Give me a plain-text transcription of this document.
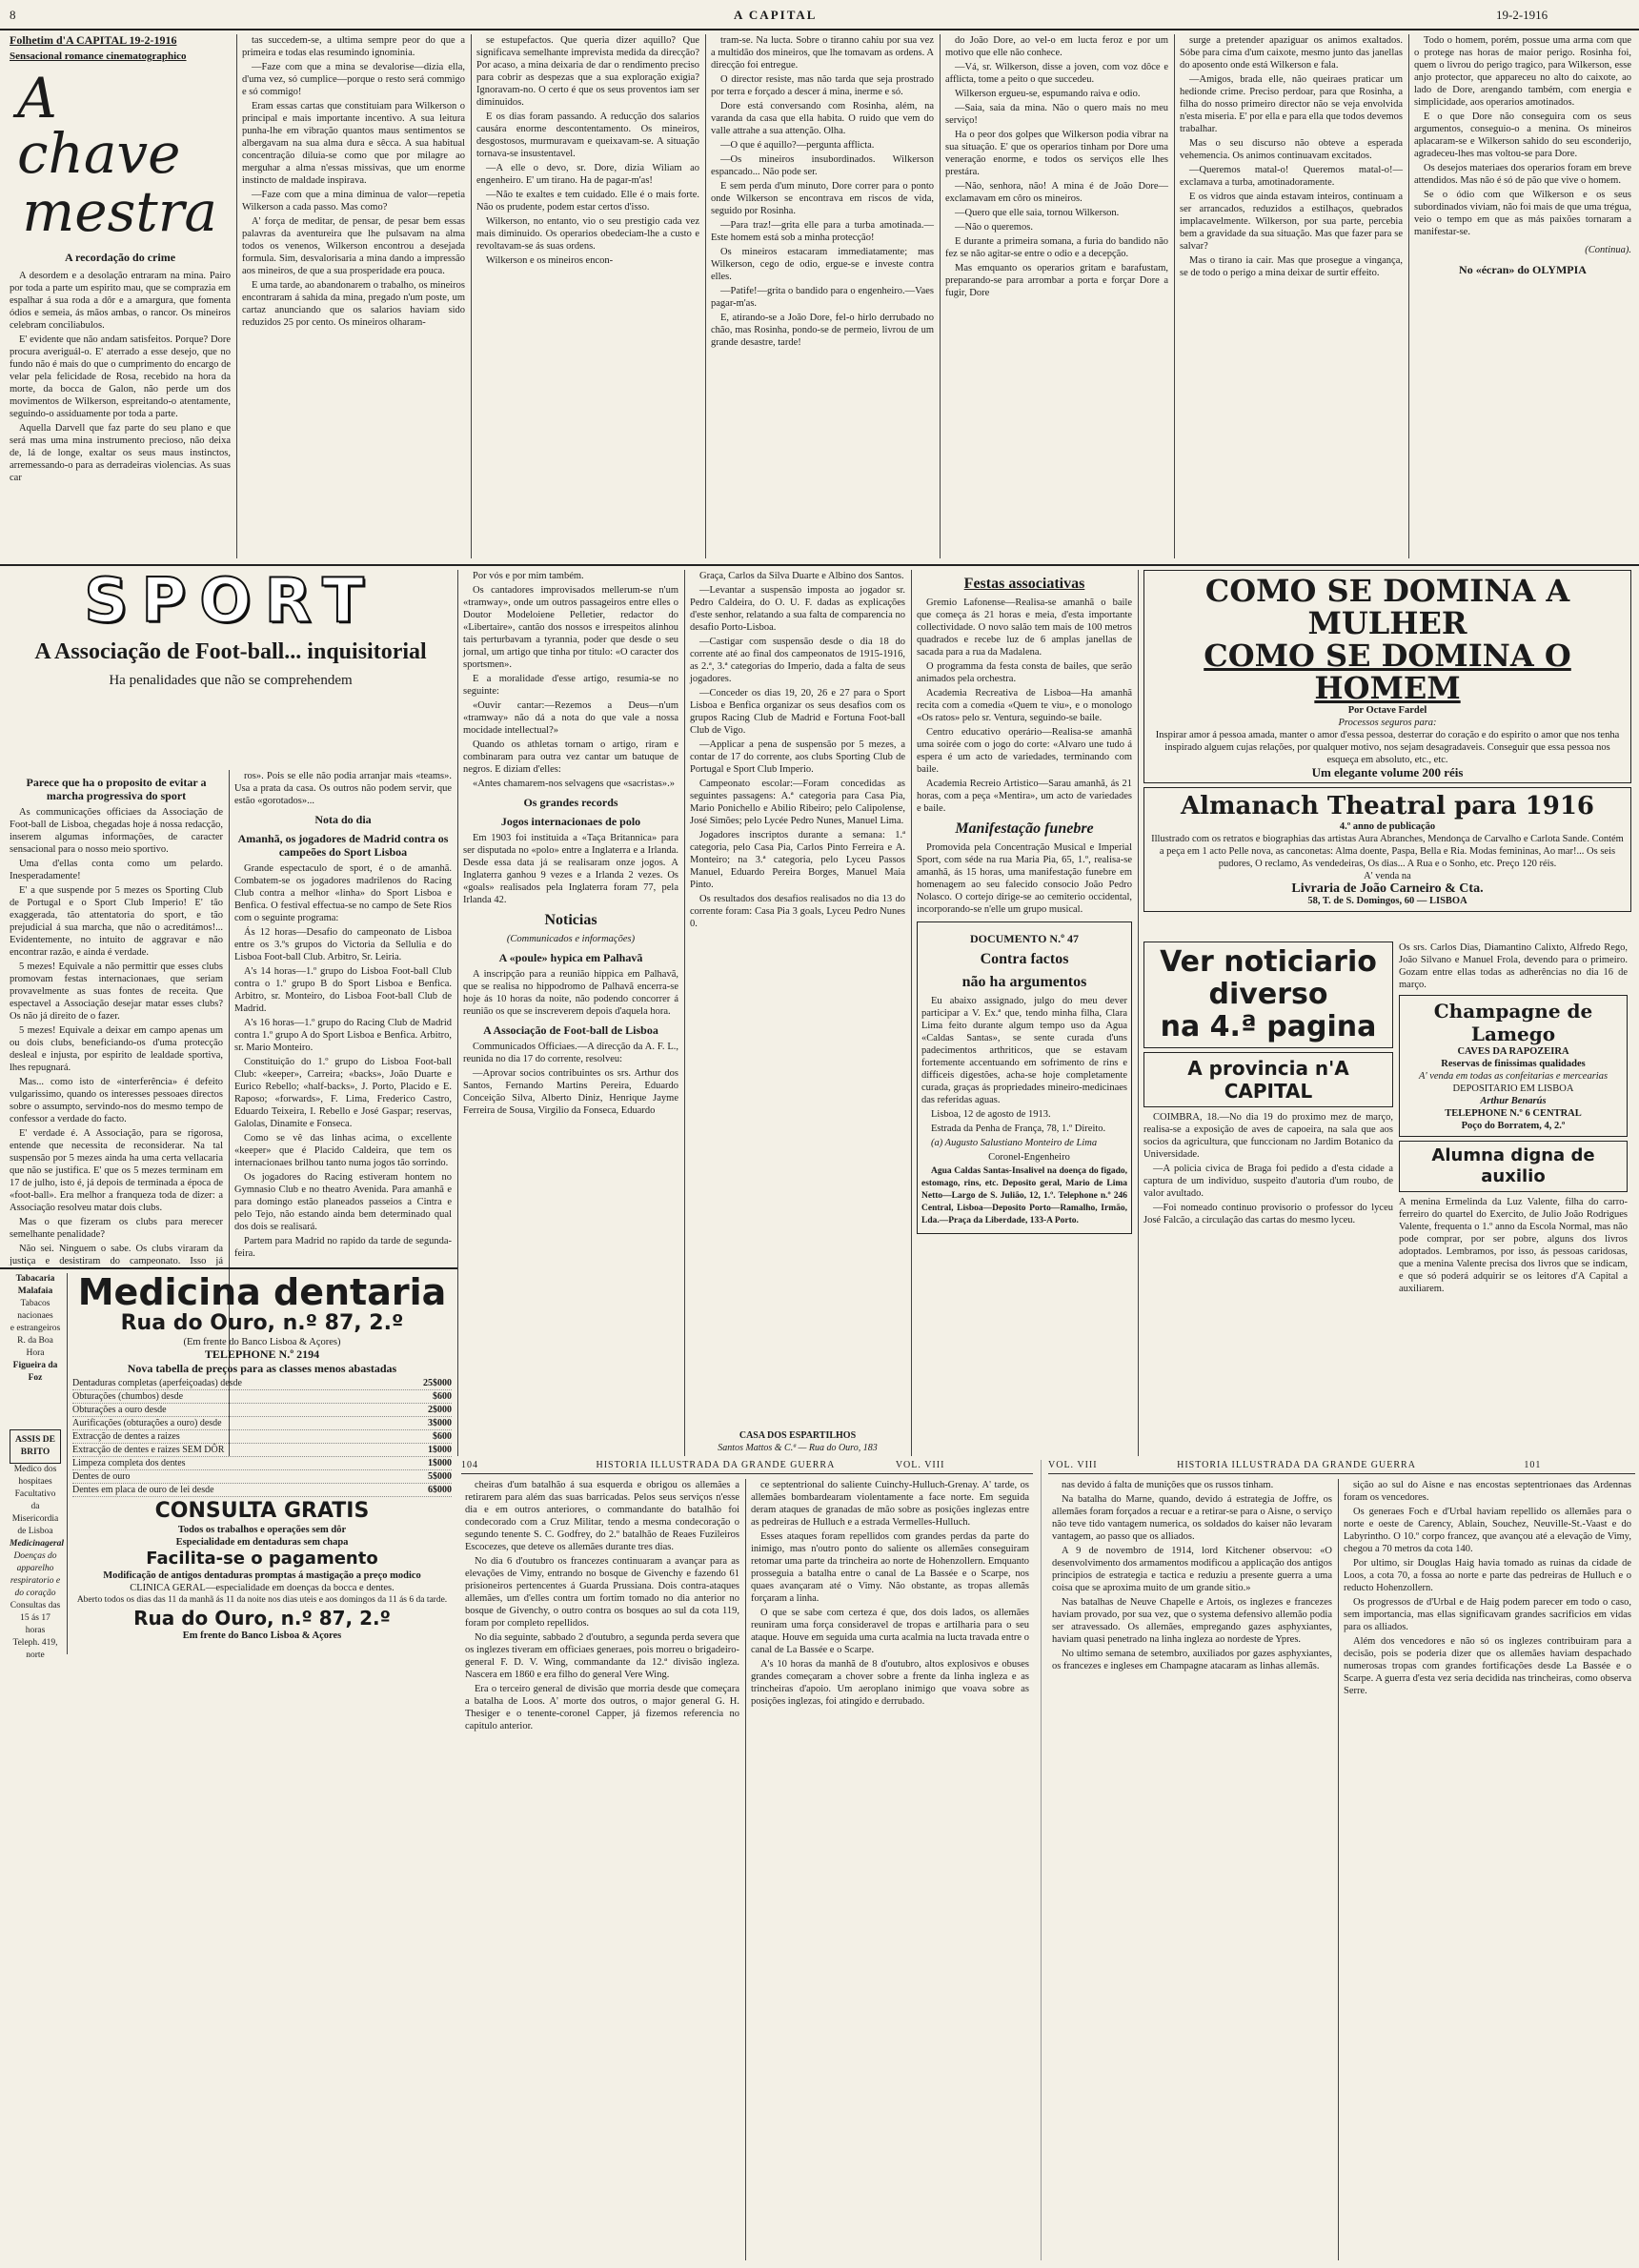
8	A CAPITAL	19-2-1916
Folhetim d'A CAPITAL 19-2-1916
Sensacional romance cinematographico
A chave
mestra
A recordação do crime

A desordem e a desolação entraram na mina. Pairo por toda a parte um espirito mau, que se comprazia em espalhar á sua roda a dôr e a amargura, que fomenta ódios e semeia, ás mãos ambas, o rancor. Os mineiros celebram conciliabulos.

E' evidente que não andam satisfeitos. Porque? Dore procura averiguál-o. E' aterrado a esse desejo, que no fundo não é mais do que o cumprimento do encargo de velar pela felicidade de Rosa, recebido na hora da morte, da bocca de Galon, não perde um dos movimentos de Wilkerson, espreitando-o atentamente, seguindo-o assiduamente por toda a parte.

Aquella Darvell que faz parte do seu plano e que será mas uma mina instrumento precioso, não deixa de, lá de longe, exaltar os seus maus instinctos, arremessando-o para as derradeiras violencias. As suas car

tas succedem-se, a ultima sempre peor do que a primeira e todas elas resumindo ignominia.

—Faze com que a mina se devalorise—dizia ella, d'uma vez, só cumplice—porque o resto será commigo e só commigo!

Eram essas cartas que constituiam para Wilkerson o principal e mais importante incentivo. A sua leitura punha-lhe em vibração quantos maus sentimentos se albergavam na sua alma dura e sêcca. A sua habitual concentração diluia-se como que por milagre ao merguhar a alma n'essas missivas, que um enorme instincto de maldade inspirava.

—Faze com que a mina diminua de valor—repetia Wilkerson a cada passo. Mas como?

A' força de meditar, de pensar, de pesar bem essas palavras da aventureira que lhe pulsavam na alma todos os venenos, Wilkerson encontrou a desejada formula. Sim, desvalorisaria a mina dando a impressão aos mineiros, de que a sua prosperidade era pouca.

E uma tarde, ao abandonarem o trabalho, os mineiros encontraram á sahida da mina, pregado n'um poste, um cartaz anunciando que os salarios haviam sido reduzidos 25 por cento. Os mineiros olharam-

se estupefactos. Que queria dizer aquillo? Que significava semelhante imprevista medida da direcção? Por acaso, a mina deixaria de dar o rendimento preciso para cobrir as despezas que a sua exploração exigia? Ignoravam-no. O certo é que os seus proventos iam ser diminuidos.

E os dias foram passando. A reducção dos salarios causára enorme descontentamento. Os mineiros, desgostosos, murmuravam e queixavam-se. A situação tornava-se insustentavel.

—A elle o devo, sr. Dore, dizia Wiliam ao engenheiro. E' um tirano. Ha de pagar-m'as!

—Não te exaltes e tem cuidado. Elle é o mais forte. Não os prudente, podem estar certos d'isso.

Wilkerson, no entanto, vio o seu prestigio cada vez mais diminuido. Os operarios obedeciam-lhe a custo e revoltavam-se ás suas ordens.

Wilkerson e os mineiros encon-

tram-se. Na lucta. Sobre o tiranno cahiu por sua vez a multidão dos mineiros, que lhe tomavam as ordens. A direcção foi entregue.

O director resiste, mas não tarda que seja prostrado por terra e forçado a descer á mina, inerme e só.

Dore está conversando com Rosinha, além, na varanda da casa que ella habita. O ruido que vem do valle attrahe a sua attenção. Olha.

—O que é aquillo?—pergunta afflicta.

—Os mineiros insubordinados. Wilkerson espancado... Não pode ser.

E sem perda d'um minuto, Dore correr para o ponto onde Wilkerson se encontrava em riscos de vida, seguido por Rosinha.

—Para traz!—grita elle para a turba amotinada.—Este homem está sob a minha protecção!

Os mineiros estacaram immediatamente; mas Wilkerson, cego de odio, ergue-se e investe contra elles.

—Patife!—grita o bandido para o engenheiro.—Vaes pagar-m'as.

E, atirando-se a João Dore, fel-o hirlo derrubado no chão, mas Rosinha, pondo-se de permeio, livrou de um grande desastre, tarde!

do João Dore, ao vel-o em lucta feroz e por um motivo que elle não conhece.

—Vá, sr. Wilkerson, disse a joven, com voz dôce e afflicta, tome a peito o que succedeu.

Wilkerson ergueu-se, espumando raiva e odio.

—Saia, saia da mina. Não o quero mais no meu serviço!

Ha o peor dos golpes que Wilkerson podia vibrar na sua situação. E' que os operarios tinham por Dore uma veneração enorme, e todos os serviços elle lhes prestára.

—Não, senhora, não! A mina é de João Dore—exclamavam em côro os mineiros.

—Quero que elle saia, tornou Wilkerson.

—Não o queremos.

E durante a primeira somana, a furia do bandido não fez se não agitar-se entre o odio e a decepção.

Mas emquanto os operarios gritam e barafustam, preparando-se para arrombar a porta e forçar Dore a fugir, Dore

surge a pretender apaziguar os animos exaltados. Sóbe para cima d'um caixote, mesmo junto das janellas do aposento onde está Wilkerson e fala.

—Amigos, brada elle, não queiraes praticar um hedionde crime. Preciso perdoar, para que Rosinha, a filha do nosso primeiro director não se veja envolvida n'esta miseria. E' por ella e para ella que todos devemos trabalhar.

Mas o seu discurso não obteve a esperada vehemencia. Os animos continuavam excitados.

—Queremos matal-o! Queremos matal-o!—exclamava a turba, amotinadoramente.

E os vidros que ainda estavam inteiros, continuam a ser arrancados, reduzidos a estilhaços, quebrados implacavelmente. Wilkerson, por sua parte, percebia bem a gravidade da sua situação. Mas que fazer para se salvar?

Mas o tirano ia cair. Mas que prosegue a vingança, se de todo o perigo a mina deixar de surtir effeito.

Todo o homem, porém, possue uma arma com que o protege nas horas de maior perigo. Rosinha foi, quem o livrou do perigo tragico, para Wilkerson, esse anjo protector, que appareceu no alto do caixote, ao lado de Dore, arengando também, com energia e simplicidade, aos operarios amotinados.

E o que Dore não conseguira com os seus argumentos, conseguio-o a menina. Os mineiros aplacaram-se e Wilkerson sahido do seu esconderijo, agradeceu-lhes mas voltou-se para Dore.

Os desejos materiaes dos operarios foram em breve attendidos. Mas não é só de pão que vive o homem.

Se o ódio com que Wilkerson e os seus subordinados viviam, não foi mais de que uma trégua, veio o tempo em que as más paixões tornaram a manifestar-se.

(Continua).
No «écran» do OLYMPIA
SPORT
A Associação de Foot-ball... inquisitorial
Ha penalidades que não se comprehendem
Parece que ha o proposito de evitar a marcha progressiva do sport

As communicações officiaes da Associação de Foot-ball de Lisboa, chegadas hoje á nossa redacção, inserem algumas informações, de caracter sensacional para o nosso meio sportivo.

Uma d'ellas conta como um pelardo. Inesperadamente!

E' a que suspende por 5 mezes os Sporting Club de Portugal e o Sport Club Imperio! E' tão exaggerada, tão attentatoria do sport, e tão prejudicial á sua marcha, que não o acreditámos!... Evidentemente, no intuito de aggravar e não encontrar razão, e ainda é verdade.

5 mezes! Equivale a não permittir que esses clubs promovam festas internacionaes, que seriam provavelmente as suas fontes de receita. Que espectavel a Associação desejar matar esses clubs? Os não já direito de o fazer.

5 mezes! Equivale a deixar em campo apenas um ou dois clubs, beneficiando-os d'uma protecção desleal e injusta, por espirito de lealdade sportiva, lhes repugnará.

Mas... como isto de «interferência» é defeito vulgarissimo, quando os interesses pessoaes directos sobre o assumpto, servindo-nos do mesmo tempo de confessor a verdade do facto.

E' verdade é. A Associação, para se rigorosa, entende que necessita de reconsiderar. Na tal suspensão por 5 mezes ainda ha uma certa vellacaria que não se justifica. E' que os 5 mezes terminam em 17 de julho, isto é, já depois de terminada a época de «foot-ball». Era melhor a franqueza toda de dizer: a Associação resolveu matar dois clubs.

Mas o que fizeram os clubs para merecer semelhante penalidade?

Não sei. Ninguem o sabe. Os clubs viraram da justiça e desistiram do campeonato. Isso já

ros». Pois se elle não podia arranjar mais «teams». Usa a prata da casa. Os outros não podem servir, que estão «gorotados»...

Nota do dia
Amanhã, os jogadores de Madrid contra os campeões do Sport Lisboa

Grande espectaculo de sport, é o de amanhã. Combatem-se os jogadores madrilenos do Racing Club contra a melhor «linha» do Sport Lisboa e Benfica. O festival effectua-se no campo de Sete Rios com o seguinte programa:

Ás 12 horas—Desafio do campeonato de Lisboa entre os 3.ºs grupos do Victoria da Sellulia e do Lisboa Foot-ball Club. Arbitro, Sr. Leiria.

A's 14 horas—1.º grupo do Lisboa Foot-ball Club contra o 1.º grupo B do Sport Lisboa e Benfica. Arbitro, sr. Monteiro, do Lisboa Foot-ball Club de Madrid.

A's 16 horas—1.º grupo do Racing Club de Madrid contra 1.º grupo A do Sport Lisboa e Benfica. Arbitro, sr. Mario Monteiro.

Constituição do 1.º grupo do Lisboa Foot-ball Club: «keeper», Carreira; «backs», João Duarte e Eurico Rebello; «half-backs», J. Porto, Placido e E. Raposo; «forwards», F. Lima, Frederico Castro, Eduardo Teixeira, I. Rebello e José Gaspar; reservas, Galolas, Dinamite e Fonseca.

Como se vê das linhas acima, o excellente «keeper» que é Placido Caldeira, que tem os internacionaes brilhou tanto numa jogos tão sorrindo.

Os jogadores do Racing estiveram hontem no Gymnasio Club e no theatro Avenida. Para amanhã e para domingo estão planeados passeios a Cintra e pelo Tejo, não estando ainda bem determinado qual dos dois se realisará.

Partem para Madrid no rapido da tarde de segunda-feira.

Por vós e por mim também.

Os cantadores improvisados mellerum-se n'um «tramway», onde um outros passageiros entre elles o Doutor Modeloiene Pelletier, redactor do «Libertaire», cantão dos nossos e irrespeitos alinhou tais perturbavam a tyrannia, poder que desde o seu jornal, um artigo que tinha por titulo: «O caracter dos sportsmen».

E a moralidade d'esse artigo, resumia-se no seguinte:

«Ouvir cantar:—Rezemos a Deus—n'um «tramway» não dá a nota do que vale a nossa mocidade intellectual?»

Quando os athletas tornam o artigo, riram e combinaram para outra vez cantar um batuque de negros. E diziam d'elles:

«Antes chamarem-nos selvagens que «sacristas».»

Os grandes records
Jogos internacionaes de polo

Em 1903 foi instituida a «Taça Britannica» para ser disputada no «polo» entre a Inglaterra e a Irlanda. Desde essa data já se realisaram onze jogos. A Inglaterra ganhou 9 vezes e a Irlanda 2 vezes. Os «goals» realisados pela Inglaterra foram 77, pela Irlanda 42.

Noticias
(Communicados e informações)
A «poule» hypica em Palhavã

A inscripção para a reunião hippica em Palhavã, que se realisa no hippodromo de Palhavã encerra-se hoje ás 10 horas da noite, não podendo concorrer á reunião os que se inscreverem depois d'aquela hora.

A Associação de Foot-ball de Lisboa

Communicados Officiaes.—A direcção da A. F. L., reunida no dia 17 do corrente, resolveu:

—Aprovar socios contribuintes os srs. Arthur dos Santos, Fernando Martins Pereira, Eduardo Conceição Silva, Alberto Diniz, Henrique Jayme Ferreira de Sousa, Virgilio da Fonseca, Eduardo

Graça, Carlos da Silva Duarte e Albino dos Santos.

—Levantar a suspensão imposta ao jogador sr. Pedro Caldeira, do O. U. F. dadas as explicações d'este senhor, relatando a sua falta de comparencia no desafio Porto-Lisboa.

—Castigar com suspensão desde o dia 18 do corrente até ao final dos campeonatos de 1915-1916, as 2.ª, 3.ª categorias do Imperio, dada a falta de seus jogadores.

—Conceder os dias 19, 20, 26 e 27 para o Sport Lisboa e Benfica organizar os seus desafios com os grupos Racing Club de Madrid e Fortuna Foot-ball Club de Vigo.

—Applicar a pena de suspensão por 5 mezes, a contar de 17 do corrente, aos clubs Sporting Club de Portugal e Sport Club Imperio.

Campeonato escolar:—Foram concedidas as seguintes passagens: A.ª categoria para Casa Pia, Mario Ponichello e Abilio Ribeiro; pelo Calipolense, José Simões; pelo Lycée Pedro Nunes, Manuel Lima.

Jogadores inscriptos durante a semana: 1.ª categoria, pelo Casa Pia, Carlos Pinto Ferreira e A. Monteiro; na 3.ª categoria, pelo Lyceu Passos Manuel, Eduardo Pereira Borges, Manuel Maia Pinto.

Os resultados dos desafios realisados no dia 13 do corrente foram: Casa Pia 3 goals, Lyceu Pedro Nunes 0.

CASA DOS ESPARTILHOS
Santos Mattos & C.ª — Rua do Ouro, 183
Festas associativas

Gremio Lafonense—Realisa-se amanhã o baile que começa ás 21 horas e meia, d'esta importante collectividade. O novo salão tem mais de 100 metros quadrados e recebe luz de 6 amplas janellas de sacada para a rua da Madalena.

O programma da festa consta de bailes, que serão animados pela orchestra.

Academia Recreativa de Lisboa—Ha amanhã recita com a comedia «Quem te viu», e o monologo «Os ratos» pelo sr. Ventura, seguindo-se baile.

Centro educativo operário—Realisa-se amanhã uma soirée com o jogo do corte: «Alvaro une tudo á espera é um acto de variedades, terminando com baile.

Academia Recreio Artistico—Sarau amanhã, ás 21 horas, com a peça «Mentira», um acto de variedades e baile.

Manifestação funebre

Promovida pela Concentração Musical e Imperial Sport, com séde na rua Maria Pia, 65, 1.º, realisa-se amanhã, ás 15 horas, uma manifestação funebre em homenagem ao seu falecido consocio João Pedro Nolasco. O cortejo dirige-se ao cemiterio occidental, incorporando-se n'elle um grupo musical.

DOCUMENTO N.º 47
Contra factos
não ha argumentos

Eu abaixo assignado, julgo do meu dever participar a V. Ex.ª que, tendo minha filha, Clara Lima feito durante algum tempo uso da Agua «Caldas Santas», se sente curada d'uns padecimentos arthriticos, que se estavam fortemente accentuando em sofrimento de rins e difficeis digestões, acha-se hoje completamente curada, graças ás propriedades mineiro-medicinaes das referidas aguas.

Lisboa, 12 de agosto de 1913.

Estrada da Penha de França, 78, 1.º Direito.

(a) Augusto Salustiano Monteiro de Lima

Coronel-Engenheiro

Agua Caldas Santas-Insalivel na doença do figado, estomago, rins, etc. Deposito geral, Mario de Lima Netto—Largo de S. Julião, 12, 1.º. Telephone n.º 246 Central, Lisboa—Deposito Porto—Ramalho, Irmão, Lda.—Praça da Liberdade, 133-A Porto.

COMO SE DOMINA A MULHER
COMO SE DOMINA O HOMEM
Por Octave Fardel
Processos seguros para:
Inspirar amor á pessoa amada, manter o amor d'essa pessoa, desterrar do coração e do espirito o amor que nos tenha inspirado alguem cujas relações, por qualquer motivo, nos sejam desagradaveis. Conseguir que essa pessoa nos esqueça em absoluto, etc., etc.
Um elegante volume 200 réis
Almanach Theatral para 1916
4.º anno de publicação
Illustrado com os retratos e biographias das artistas Aura Abranches, Mendonça de Carvalho e Carlota Sande. Contém a peça em 1 acto Pelle nova, as canconetas: Alma doente, Paspa, Bella e Ria. Modas femininas, Ao mar!... Os seis pudores, O reclamo, As vendedeiras, Os dias... A Rua e o Sonho, etc. Preço 120 réis.
A' venda na
Livraria de João Carneiro & Cta.
58, T. de S. Domingos, 60 — LISBOA
Ver noticiario
diverso
na 4.ª pagina
A provincia n'A CAPITAL

COIMBRA, 18.—No dia 19 do proximo mez de março, realisa-se a exposição de aves de capoeira, na sala que aos socios da agricultura, que funccionam no Jardim Botanico da Universidade.

—A policia civica de Braga foi pedido a d'esta cidade a captura de um individuo, suspeito d'autoria d'um roubo, de valor avultado.

—Foi nomeado continuo provisorio o professor do lyceu José Falcão, a circulação das cartas do mesmo lyceu.

Os srs. Carlos Dias, Diamantino Calixto, Alfredo Rego, João Silvano e Manuel Frola, devendo para o primeiro. Gozam entre ellas todas as adherências no dia 16 de março.

Champagne de Lamego
CAVES DA RAPOZEIRA
Reservas de finissimas qualidades
A' venda em todas as confeitarias e mercearias
DEPOSITARIO EM LISBOA
Arthur Benarús
TELEPHONE N.º 6 CENTRAL
Poço do Borratem, 4, 2.º
Alumna digna de auxilio

A menina Ermelinda da Luz Valente, filha do carro-ferreiro do quartel do Exercito, de Julio João Rodrigues Valente, frequenta o 1.º anno da Escola Normal, mas não pode comprar, por ser pobre, alguns dos livros adoptados. Lembramos, por isso, ás pessoas caridosas, que a menina Valente precisa dos livros que se indicam, e que só poderá adquirir se os leitores d'A Capital a auxiliarem.

Tabacaria Malafaia
Tabacos nacionaes
e estrangeiros
R. da Boa Hora
Figueira da Foz
ASSIS DE BRITO
Medico dos hospitaes
Facultativo da Misericordia de Lisboa
Medicinageral
Doenças do apparelho respiratorio e do coração
Consultas das 15 ás 17 horas
Teleph. 419, norte
Medicina dentaria
Rua do Ouro, n.º 87, 2.º
(Em frente do Banco Lisboa & Açores)
TELEPHONE N.º 2194
Nova tabella de preços para as classes menos abastadas
Dentaduras completas (aperfeiçoadas) desde	25$000
Obturações (chumbos) desde	$600
Obturações a ouro desde	2$000
Aurificações (obturações a ouro) desde	3$000
Extracção de dentes a raizes	$600
Extracção de dentes e raizes SEM DÔR	1$000
Limpeza completa dos dentes	1$000
Dentes de ouro	5$000
Dentes em placa de ouro de lei desde	6$000
CONSULTA GRATIS
Todos os trabalhos e operações sem dôr
Especialidade em dentaduras sem chapa
Facilita-se o pagamento
Modificação de antigos dentaduras promptas á mastigação a preço modico
CLINICA GERAL—especialidade em doenças da bocca e dentes.
Aberto todos os dias das 11 da manhã ás 11 da noite nos dias uteis e aos domingos da 11 ás 6 da tarde.
Rua do Ouro, n.º 87, 2.º
Em frente do Banco Lisboa & Açores
104	HISTORIA ILLUSTRADA DA GRANDE GUERRA	VOL. VIII	VOL. VIII	HISTORIA ILLUSTRADA DA GRANDE GUERRA	101

cheiras d'um batalhão á sua esquerda e obrigou os allemães a retirarem para além das suas barricadas. Pelos seus serviços n'esse dia e em outros anteriores, o commandante do batalhão foi condecorado com a Cruz Militar, tendo a mesma condecoração o segundo tenente S. C. Godfrey, do 2.º batalhão de Reaes Fuzileiros Escocezes, que deteve os allemães durante tres dias.

No dia 6 d'outubro os francezes continuaram a avançar para as elevações de Vimy, entrando no bosque de Givenchy e fazendo 61 prisioneiros pertencentes á Guarda Prussiana. Dois contra-ataques allemães, um d'elles contra um fortim tomado no dia anterior no bosque de Givenchy, o outro contra os bosques ao sul da cota 119, foram por completo repellidos.

No dia seguinte, sabbado 2 d'outubro, a segunda perda severa que os inglezes tiveram em officiaes generaes, pois morreu o brigadeiro-general F. D. V. Wing, commandante da 12.ª divisão ingleza. Nascera em 1860 e era filho do general Vere Wing.

Era o terceiro general de divisão que morria desde que começara a batalha de Loos. A' morte dos outros, o major general G. H. Thesiger e o tenente-coronel Capper, já fizemos referencia no capitulo anterior.

ce septentrional do saliente Cuinchy-Hulluch-Grenay. A' tarde, os allemães bombardearam violentamente a face norte. Em seguida deram ataques de granadas de mão sobre as posições inglezas entre as pedreiras de Hulluch e a estrada Vermelles-Hulluch.

Esses ataques foram repellidos com grandes perdas da parte do inimigo, mas n'outro ponto do saliente os allemães conseguiram retomar uma parte da trincheira ao norte de Hohenzollern. Emquanto prosseguia a batalha entre o canal de La Bassée e o Scarpe, nos quaes avançaram até o Vimy. Não obstante, as tropas allemãs forçaram a linha.

O que se sabe com certeza é que, dos dois lados, os allemães reuniram uma força consideravel de tropas e artilharia para o seu ataque. Houve em seguida uma curta acalmia na lucta travada entre o canal de La Bassée e o Scarpe.

A's 10 horas da manhã de 8 d'outubro, altos explosivos e obuses grandes começaram a chover sobre a frente da linha ingleza e as trincheiras d'apoio. Um aeroplano inimigo que voava sobre as posições inglezas, foi atingido e derrubado.

nas devido á falta de munições que os russos tinham.

Na batalha do Marne, quando, devido á estrategia de Joffre, os allemães foram forçados a recuar e a retirar-se para o Aisne, o serviço não teve tido vantagem numerica, os soldados do kaiser não levaram vantagem, ao passo que os alliados.

A 9 de novembro de 1914, lord Kitchener observou: «O desenvolvimento dos armamentos modificou a applicação dos antigos principios de estrategia e tactica e reduziu a presente guerra a uma coisa que se aproxima muito de um grande sitio.»

Nas batalhas de Neuve Chapelle e Artois, os inglezes e francezes haviam provado, por sua vez, que o systema defensivo allemão podia ser atravessado. Os allemães, empregando gazes asphyxiantes, haviam quasi penetrado na linha ingleza ao nordeste de Ypres.

No ultimo semana de setembro, auxiliados por gazes asphyxiantes, os francezes e ingleses em Champagne atacaram as linhas allemãs.

sição ao sul do Aisne e nas encostas septentrionaes das Ardennas foram os vencedores.

Os generaes Foch e d'Urbal haviam repellido os allemães para o norte e oeste de Carency, Ablain, Souchez, Neuville-St.-Vaast e do Labyrintho. O 10.º corpo francez, que avançou até a elevação de Vimy, chegou a 70 metros da cota 140.

Por ultimo, sir Douglas Haig havia tomado as ruinas da cidade de Loos, a cota 70, a fossa ao norte e parte das pedreiras de Hulluch e o reducto Hohenzollern.

Os progressos de d'Urbal e de Haig podem parecer em todo o caso, sem importancia, mas ellas significavam grandes sacrificios em vidas para os alliados.

Além dos vencedores e não só os inglezes contribuiram para a decisão, pois se poderia dizer que os allemães haviam despachado numerosas tropas com grandes fortificações desde La Bassée e o Scarpe. A guerra d'esta vez seria decidida nas trincheiras, como observa Serre.
